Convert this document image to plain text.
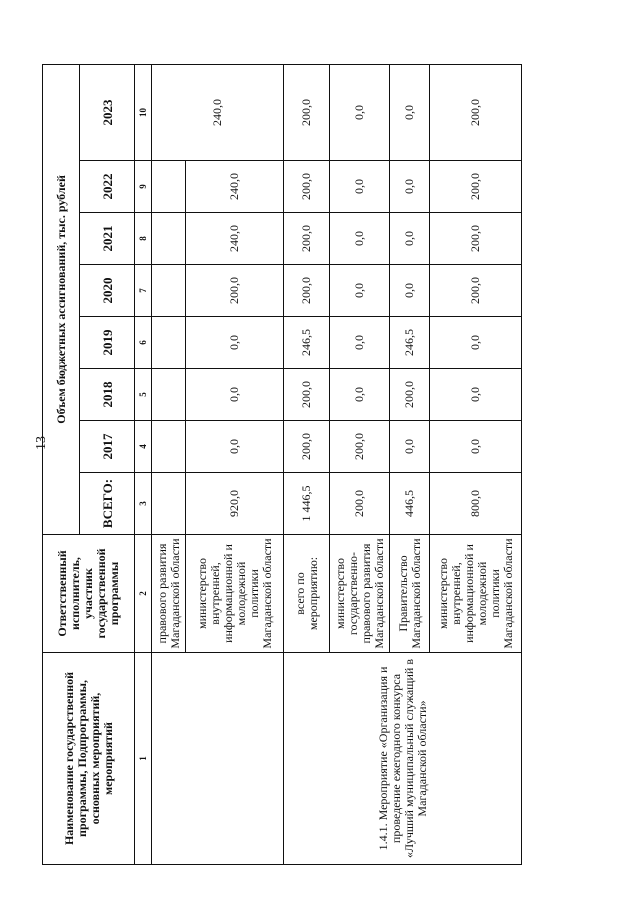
13
Наименование государственной программы, Подпрограммы, основных мероприятий, мероприятий	Ответственный исполнитель, участник государственной программы	Объем бюджетных ассигнований, тыс. рублей							
		ВСЕГО:	2017	2018	2019	2020	2021	2022	2023
1	2	3	4	5	6	7	8	9	10
	правового развития Магаданской области								240,0
	министерство внутренней, информационной и молодежной политики Магаданской области	920,0	0,0	0,0	0,0	200,0	240,0	240,0	
1.4.1. Мероприятие «Организация и проведение ежегодного конкурса «Лучший муниципальный служащий в Магаданской области»	всего по мероприятию:	1 446,5	200,0	200,0	246,5	200,0	200,0	200,0	200,0
	министерство государственно-правового развития Магаданской области	200,0	200,0	0,0	0,0	0,0	0,0	0,0	0,0
	Правительство Магаданской области	446,5	0,0	200,0	246,5	0,0	0,0	0,0	0,0
	министерство внутренней, информационной и молодежной политики Магаданской области	800,0	0,0	0,0	0,0	200,0	200,0	200,0	200,0
